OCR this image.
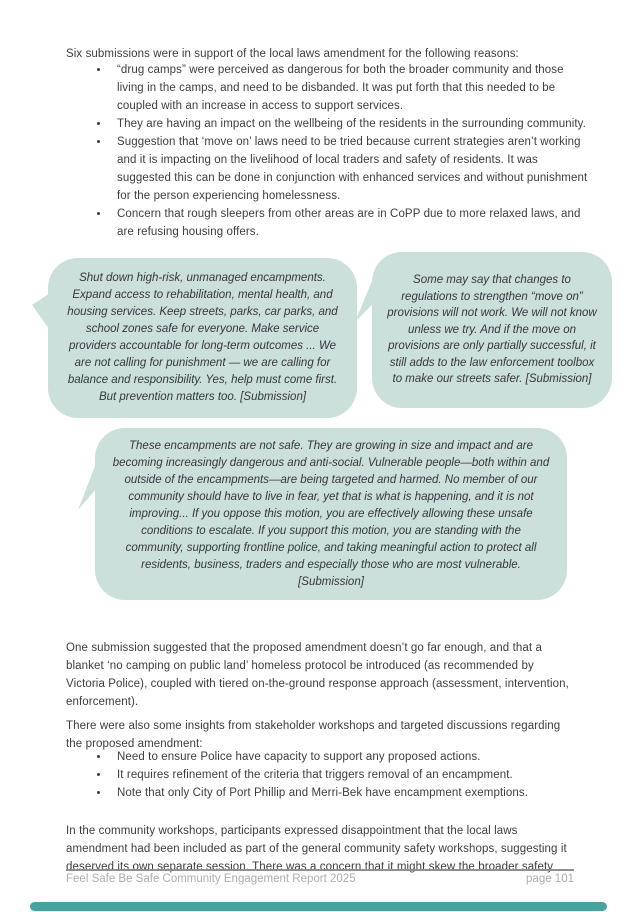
Six submissions were in support of the local laws amendment for the following reasons:

• “drug camps” were perceived as dangerous for both the broader community and those living in the camps, and need to be disbanded. It was put forth that this needed to be coupled with an increase in access to support services.
• They are having an impact on the wellbeing of the residents in the surrounding community.
• Suggestion that ‘move on’ laws need to be tried because current strategies aren’t working and it is impacting on the livelihood of local traders and safety of residents. It was suggested this can be done in conjunction with enhanced services and without punishment for the person experiencing homelessness.
• Concern that rough sleepers from other areas are in CoPP due to more relaxed laws, and are refusing housing offers.
Shut down high-risk, unmanaged encampments. Expand access to rehabilitation, mental health, and housing services. Keep streets, parks, car parks, and school zones safe for everyone. Make service providers accountable for long-term outcomes ... We are not calling for punishment — we are calling for balance and responsibility. Yes, help must come first. But prevention matters too. [Submission]
Some may say that changes to regulations to strengthen “move on” provisions will not work. We will not know unless we try. And if the move on provisions are only partially successful, it still adds to the law enforcement toolbox to make our streets safer. [Submission]
These encampments are not safe. They are growing in size and impact and are becoming increasingly dangerous and anti-social. Vulnerable people—both within and outside of the encampments—are being targeted and harmed. No member of our community should have to live in fear, yet that is what is happening, and it is not improving... If you oppose this motion, you are effectively allowing these unsafe conditions to escalate. If you support this motion, you are standing with the community, supporting frontline police, and taking meaningful action to protect all residents, business, traders and especially those who are most vulnerable. [Submission]

One submission suggested that the proposed amendment doesn’t go far enough, and that a blanket ‘no camping on public land’ homeless protocol be introduced (as recommended by Victoria Police), coupled with tiered on-the-ground response approach (assessment, intervention, enforcement).

There were also some insights from stakeholder workshops and targeted discussions regarding the proposed amendment:

• Need to ensure Police have capacity to support any proposed actions.
• It requires refinement of the criteria that triggers removal of an encampment.
• Note that only City of Port Phillip and Merri-Bek have encampment exemptions.

In the community workshops, participants expressed disappointment that the local laws amendment had been included as part of the general community safety workshops, suggesting it deserved its own separate session. There was a concern that it might skew the broader safety

Feel Safe Be Safe Community Engagement Report 2025	page 101
